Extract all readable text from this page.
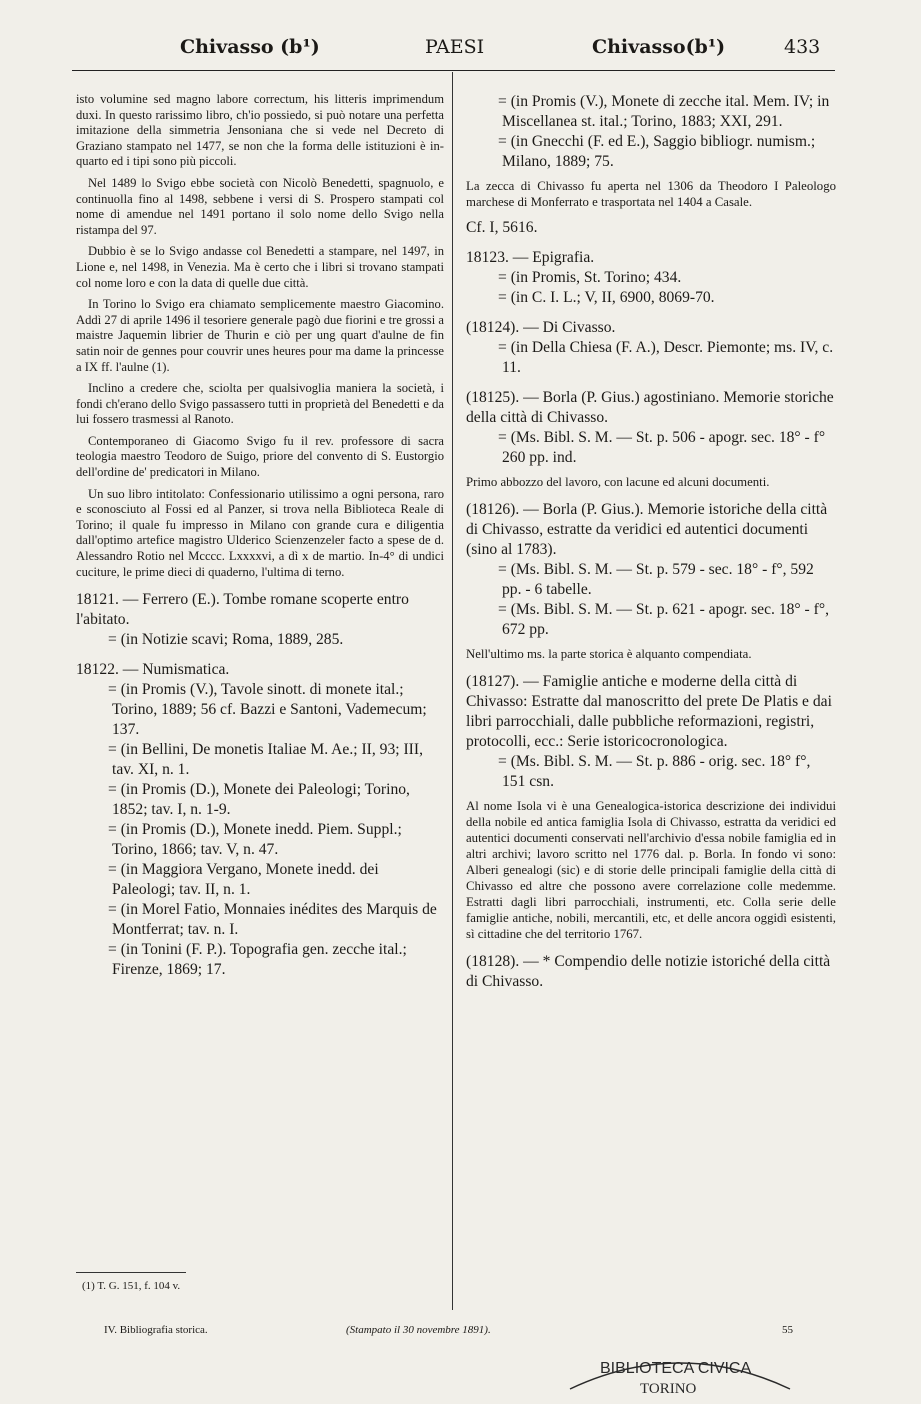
Chivasso (b¹)	PAESI	Chivasso(b¹)	433

isto volumine sed magno labore correctum, his litteris imprimendum duxi. In questo rarissimo libro, ch'io possiedo, si può notare una perfetta imitazione della simmetria Jensoniana che si vede nel Decreto di Graziano stampato nel 1477, se non che la forma delle istituzioni è in-quarto ed i tipi sono più piccoli.

Nel 1489 lo Svigo ebbe società con Nicolò Benedetti, spagnuolo, e continuolla fino al 1498, sebbene i versi di S. Prospero stampati col nome di amendue nel 1491 portano il solo nome dello Svigo nella ristampa del 97.

Dubbio è se lo Svigo andasse col Benedetti a stampare, nel 1497, in Lione e, nel 1498, in Venezia. Ma è certo che i libri si trovano stampati col nome loro e con la data di quelle due città.

In Torino lo Svigo era chiamato semplicemente maestro Giacomino. Addì 27 di aprile 1496 il tesoriere generale pagò due fiorini e tre grossi a maistre Jaquemin librier de Thurin e ciò per ung quart d'aulne de fin satin noir de gennes pour couvrir unes heures pour ma dame la princesse a IX ff. l'aulne (1).

Inclino a credere che, sciolta per qualsivoglia maniera la società, i fondi ch'erano dello Svigo passassero tutti in proprietà del Benedetti e da lui fossero trasmessi al Ranoto.

Contemporaneo di Giacomo Svigo fu il rev. professore di sacra teologia maestro Teodoro de Suigo, priore del convento di S. Eustorgio dell'ordine de' predicatori in Milano.

Un suo libro intitolato: Confessionario utilissimo a ogni persona, raro e sconosciuto al Fossi ed al Panzer, si trova nella Biblioteca Reale di Torino; il quale fu impresso in Milano con grande cura e diligentia dall'optimo artefice magistro Ulderico Scienzenzeler facto a spese de d. Alessandro Rotio nel Mcccc. Lxxxxvi, a dì x de martio. In-4° di undici cuciture, le prime dieci di quaderno, l'ultima di terno.

18121. — Ferrero (E.). Tombe romane scoperte entro l'abitato.

= (in Notizie scavi; Roma, 1889, 285.

18122. — Numismatica.

= (in Promis (V.), Tavole sinott. di monete ital.; Torino, 1889; 56 cf. Bazzi e Santoni, Vademecum; 137.

= (in Bellini, De monetis Italiae M. Ae.; II, 93; III, tav. XI, n. 1.

= (in Promis (D.), Monete dei Paleologi; Torino, 1852; tav. I, n. 1-9.

= (in Promis (D.), Monete inedd. Piem. Suppl.; Torino, 1866; tav. V, n. 47.

= (in Maggiora Vergano, Monete inedd. dei Paleologi; tav. II, n. 1.

= (in Morel Fatio, Monnaies inédites des Marquis de Montferrat; tav. n. I.

= (in Tonini (F. P.). Topografia gen. zecche ital.; Firenze, 1869; 17.

(1) T. G. 151, f. 104 v.

= (in Promis (V.), Monete di zecche ital. Mem. IV; in Miscellanea st. ital.; Torino, 1883; XXI, 291.

= (in Gnecchi (F. ed E.), Saggio bibliogr. numism.; Milano, 1889; 75.

La zecca di Chivasso fu aperta nel 1306 da Theodoro I Paleologo marchese di Monferrato e trasportata nel 1404 a Casale.

Cf. I, 5616.

18123. — Epigrafia.

= (in Promis, St. Torino; 434.

= (in C. I. L.; V, II, 6900, 8069-70.

(18124). — Di Civasso.

= (in Della Chiesa (F. A.), Descr. Piemonte; ms. IV, c. 11.

(18125). — Borla (P. Gius.) agostiniano. Memorie storiche della città di Chivasso.

= (Ms. Bibl. S. M. — St. p. 506 - apogr. sec. 18° - f° 260 pp. ind.

Primo abbozzo del lavoro, con lacune ed alcuni documenti.

(18126). — Borla (P. Gius.). Memorie istoriche della città di Chivasso, estratte da veridici ed autentici documenti (sino al 1783).

= (Ms. Bibl. S. M. — St. p. 579 - sec. 18° - f°, 592 pp. - 6 tabelle.

= (Ms. Bibl. S. M. — St. p. 621 - apogr. sec. 18° - f°, 672 pp.

Nell'ultimo ms. la parte storica è alquanto compendiata.

(18127). — Famiglie antiche e moderne della città di Chivasso: Estratte dal manoscritto del prete De Platis e dai libri parrocchiali, dalle pubbliche reformazioni, registri, protocolli, ecc.: Serie istoricocronologica.

= (Ms. Bibl. S. M. — St. p. 886 - orig. sec. 18° f°, 151 csn.

Al nome Isola vi è una Genealogica-istorica descrizione dei individui della nobile ed antica famiglia Isola di Chivasso, estratta da veridici ed autentici documenti conservati nell'archivio d'essa nobile famiglia ed in altri archivi; lavoro scritto nel 1776 dal. p. Borla. In fondo vi sono: Alberi genealogi (sic) e di storie delle principali famiglie della città di Chivasso ed altre che possono avere correlazione colle medemme. Estratti dagli libri parrocchiali, instrumenti, etc. Colla serie delle famiglie antiche, nobili, mercantili, etc, et delle ancora oggidì esistenti, sì cittadine che del territorio 1767.

(18128). — * Compendio delle notizie istoriché della città di Chivasso.

IV. Bibliografia storica.	(Stampato il 30 novembre 1891).	55
BIBLIOTECA CIVICA
TORINO
